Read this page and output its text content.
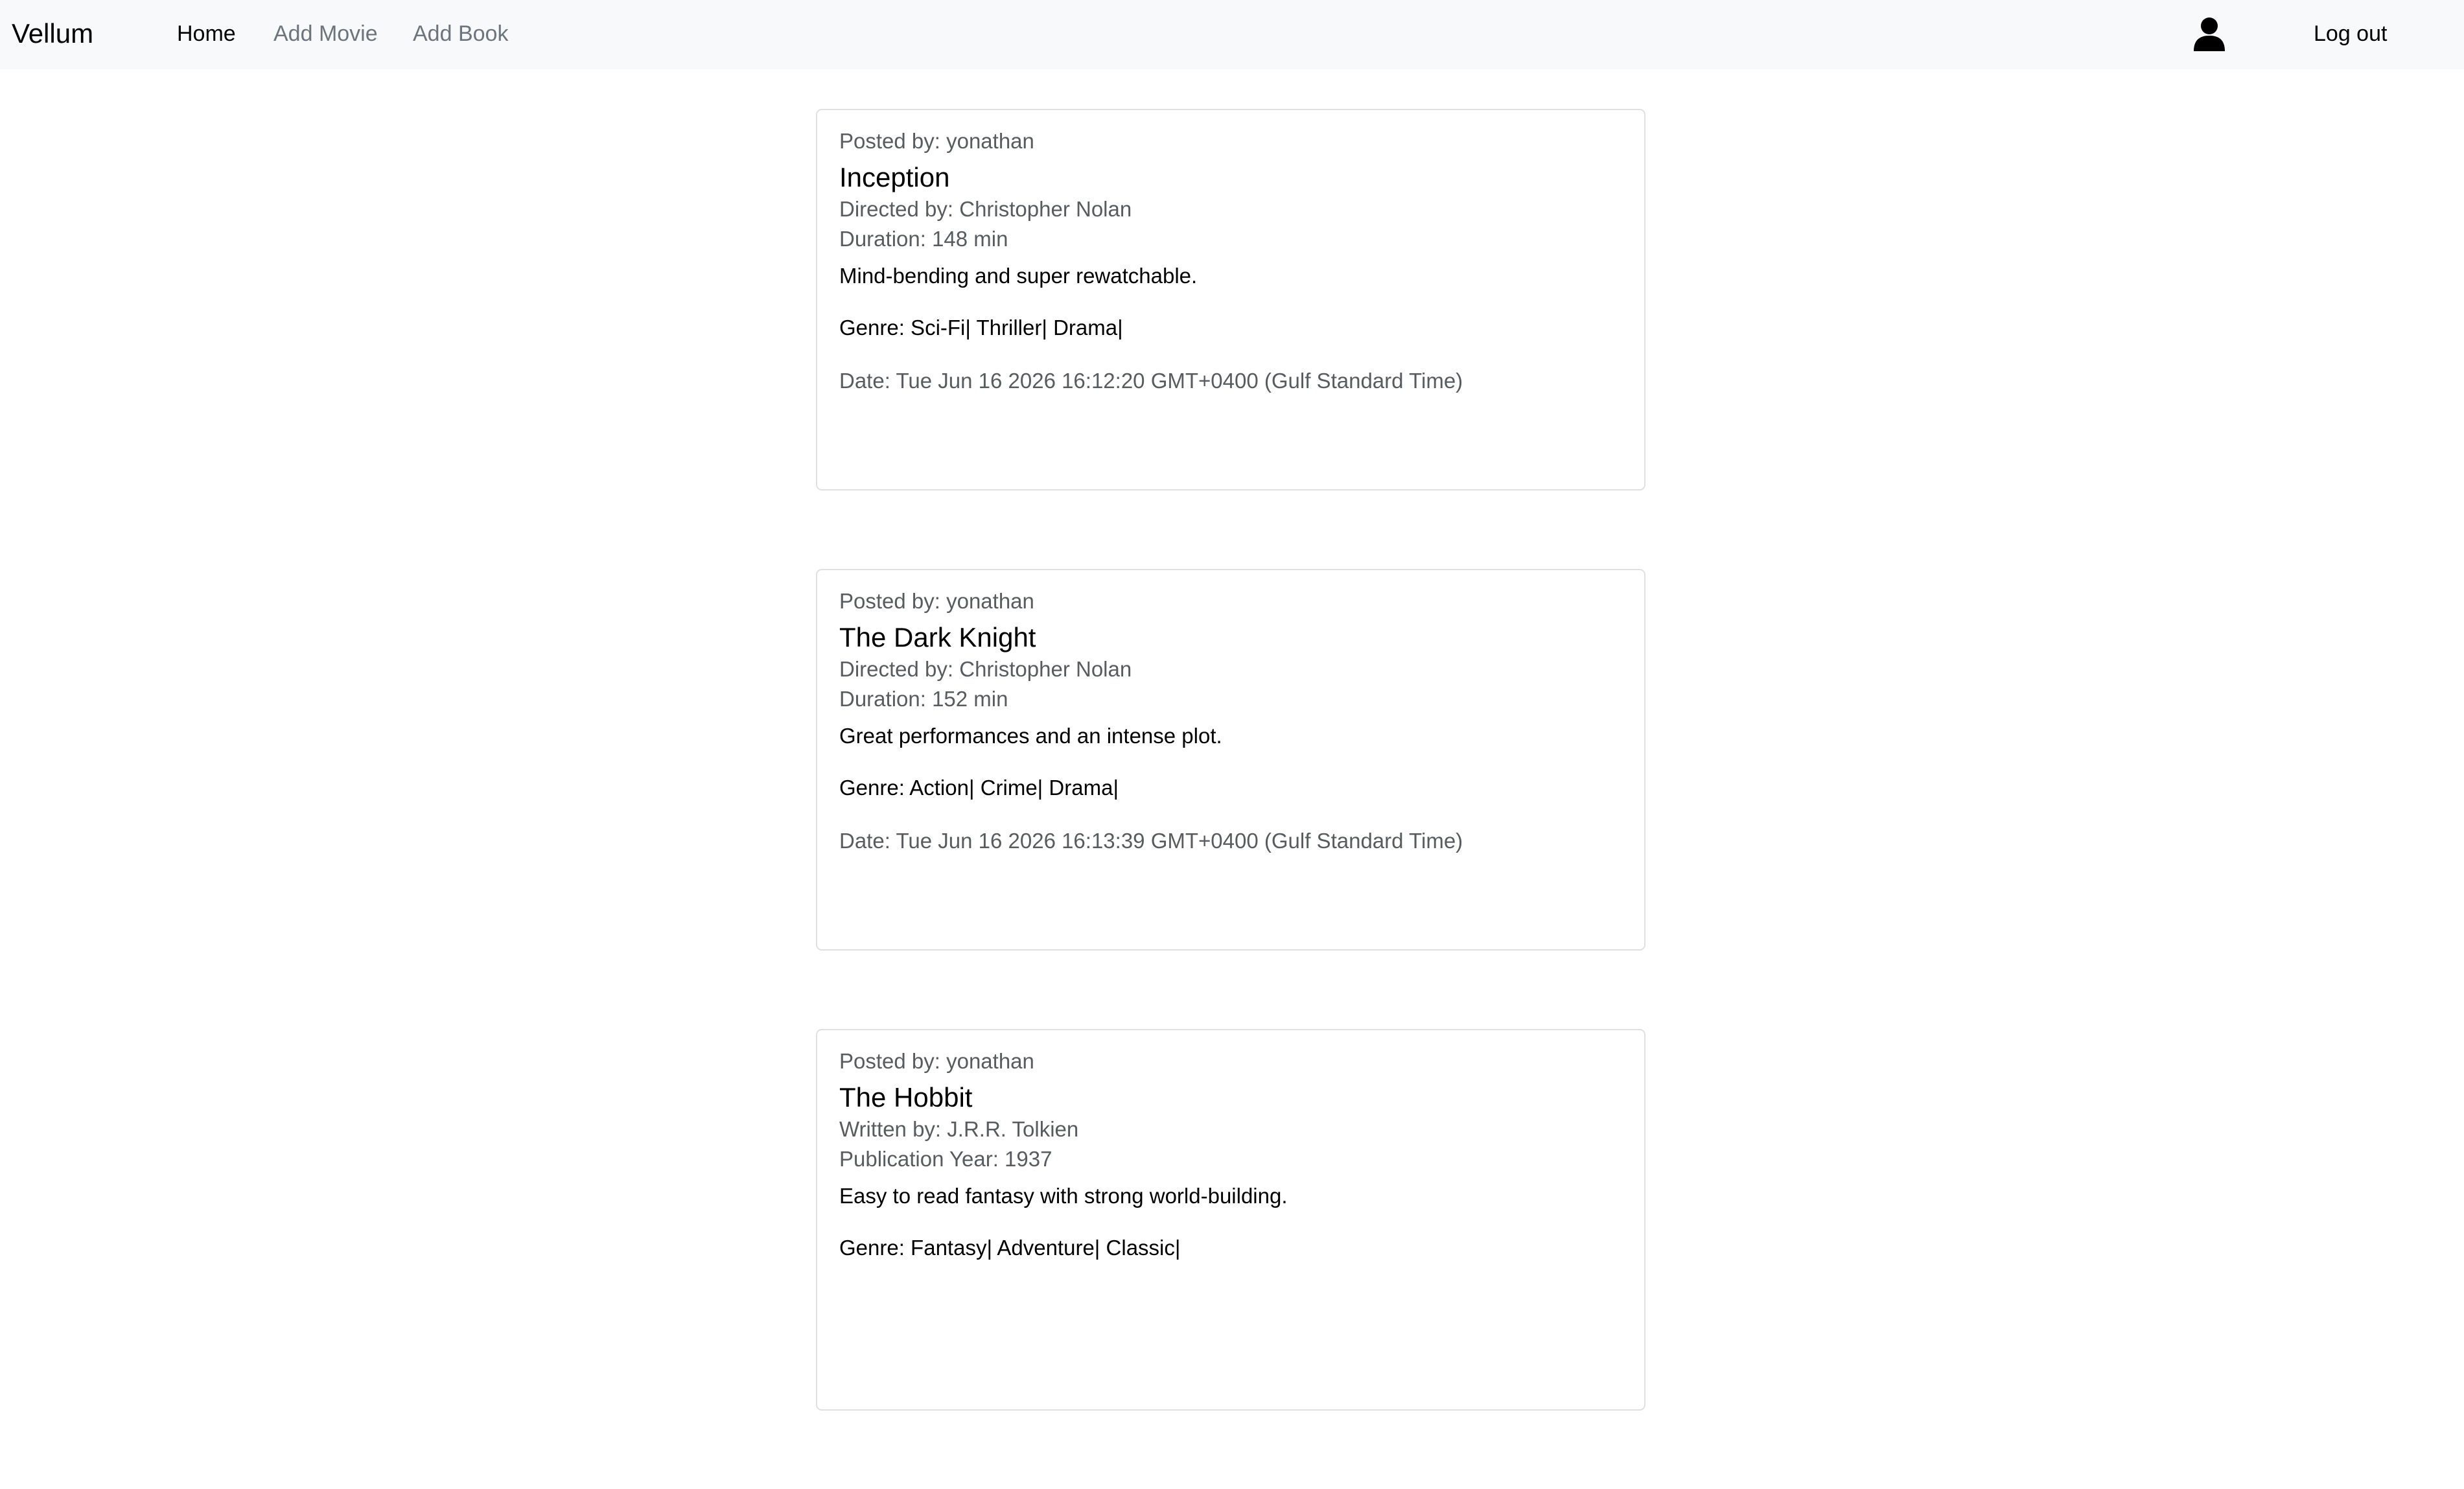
Vellum	Home Add Movie Add Book	Log out
Posted by: yonathan
Inception
Directed by: Christopher Nolan
Duration: 148 min
Mind-bending and super rewatchable.
Genre: Sci-Fi| Thriller| Drama|
Date: Tue Jun 16 2026 16:12:20 GMT+0400 (Gulf Standard Time)
Posted by: yonathan
The Dark Knight
Directed by: Christopher Nolan
Duration: 152 min
Great performances and an intense plot.
Genre: Action| Crime| Drama|
Date: Tue Jun 16 2026 16:13:39 GMT+0400 (Gulf Standard Time)
Posted by: yonathan
The Hobbit
Written by: J.R.R. Tolkien
Publication Year: 1937
Easy to read fantasy with strong world-building.
Genre: Fantasy| Adventure| Classic|
